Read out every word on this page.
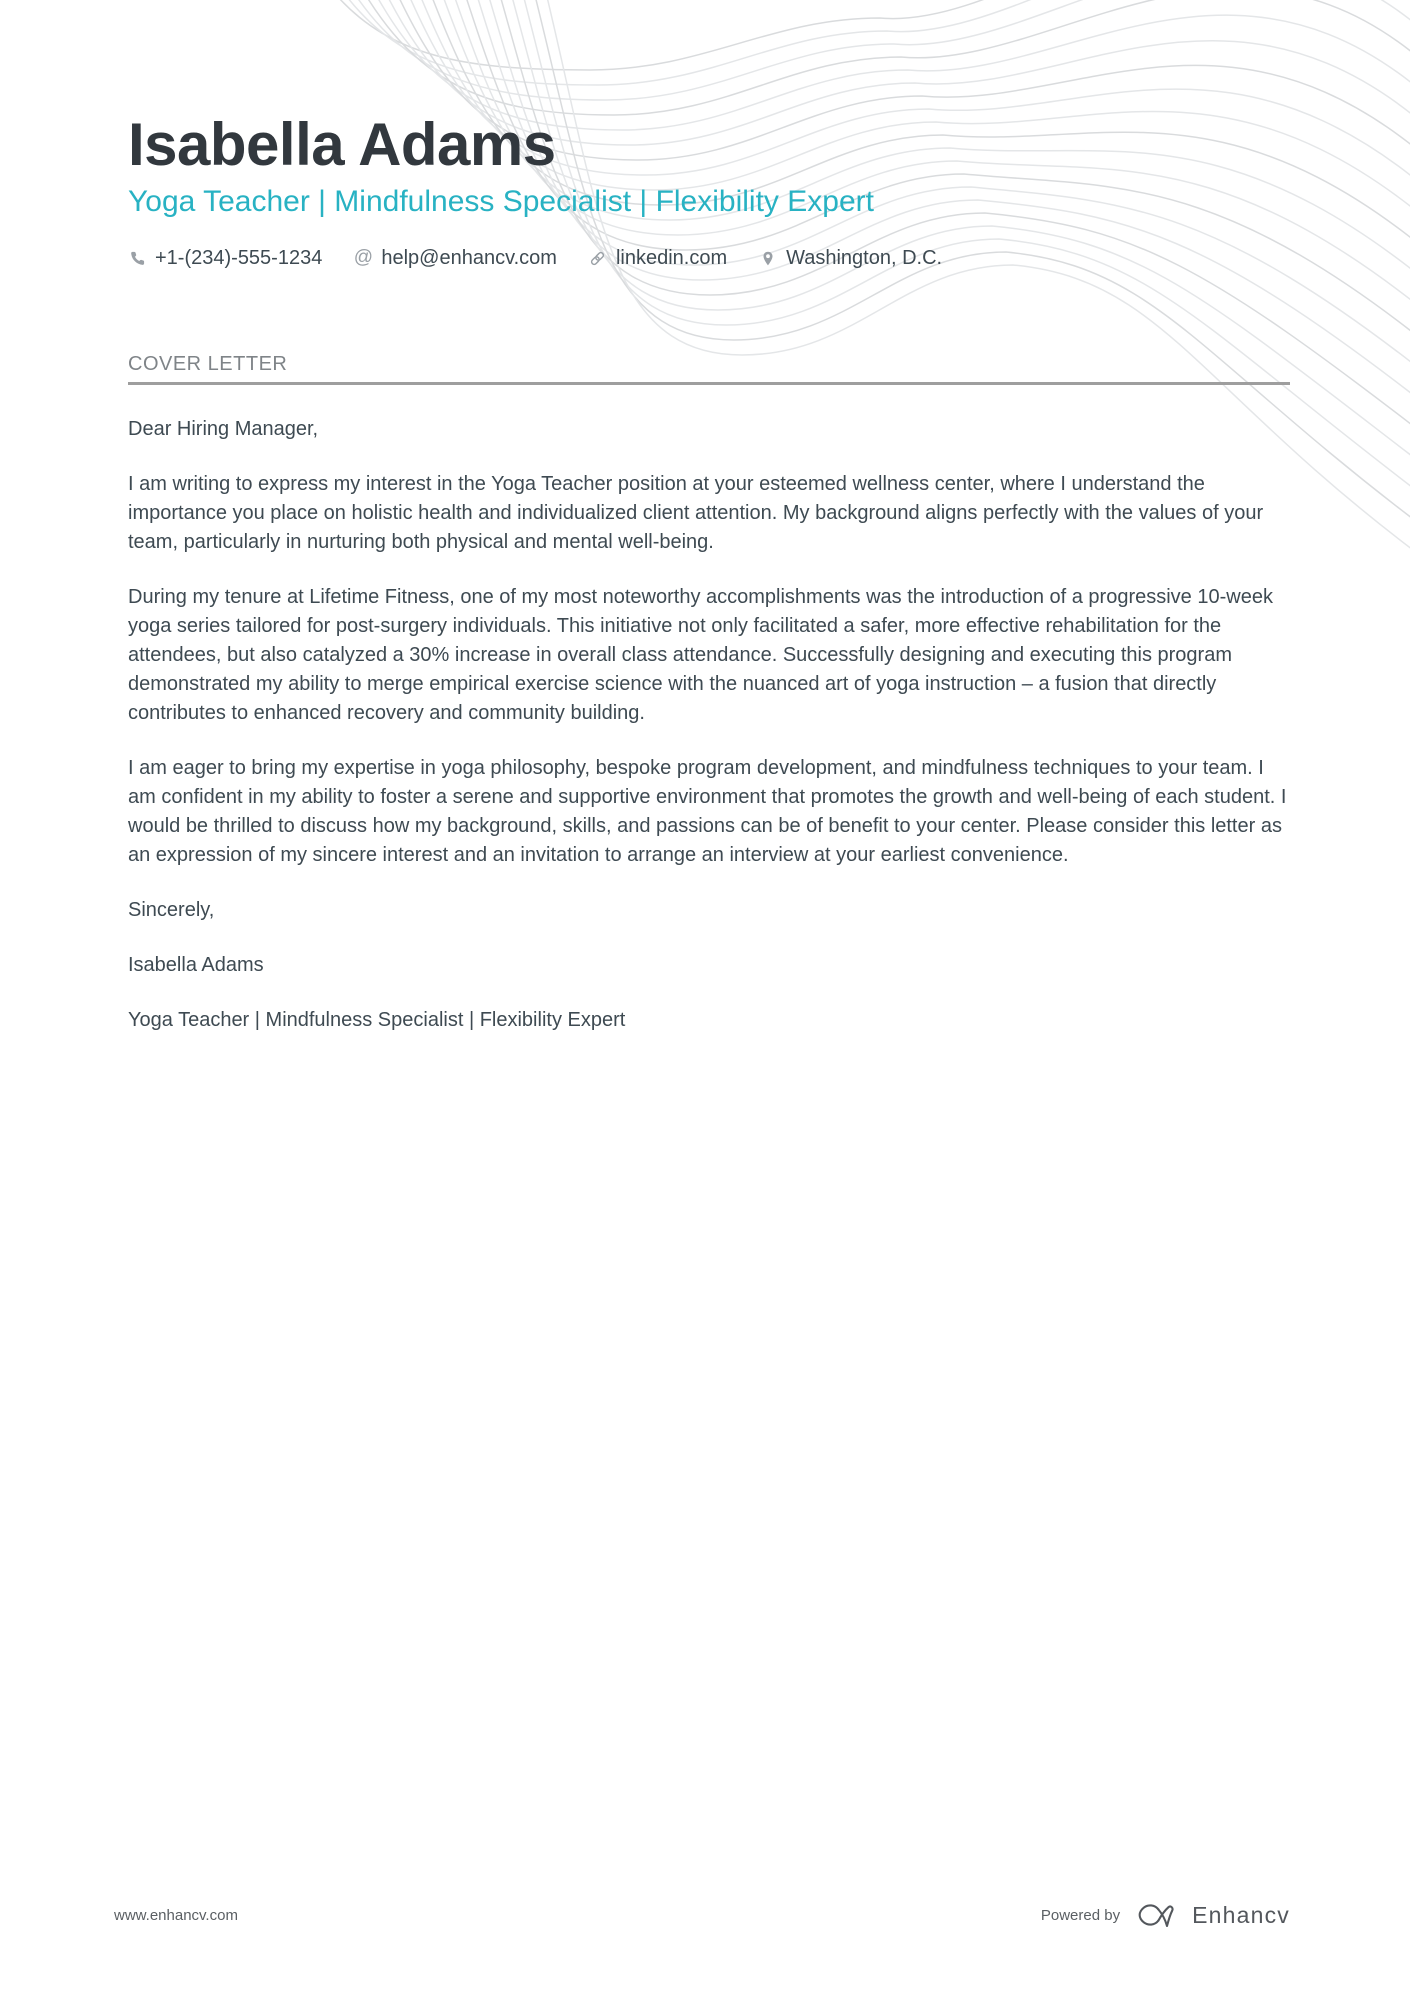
Isabella Adams
Yoga Teacher | Mindfulness Specialist | Flexibility Expert
+1-(234)-555-1234 @ help@enhancv.com	linkedin.com	Washington, D.C.
COVER LETTER

Dear Hiring Manager,

I am writing to express my interest in the Yoga Teacher position at your esteemed wellness center, where I understand the importance you place on holistic health and individualized client attention. My background aligns perfectly with the values of your team, particularly in nurturing both physical and mental well-being.

During my tenure at Lifetime Fitness, one of my most noteworthy accomplishments was the introduction of a progressive 10-week yoga series tailored for post-surgery individuals. This initiative not only facilitated a safer, more effective rehabilitation for the attendees, but also catalyzed a 30% increase in overall class attendance. Successfully designing and executing this program demonstrated my ability to merge empirical exercise science with the nuanced art of yoga instruction – a fusion that directly contributes to enhanced recovery and community building.

I am eager to bring my expertise in yoga philosophy, bespoke program development, and mindfulness techniques to your team. I am confident in my ability to foster a serene and supportive environment that promotes the growth and well-being of each student. I would be thrilled to discuss how my background, skills, and passions can be of benefit to your center. Please consider this letter as an expression of my sincere interest and an invitation to arrange an interview at your earliest convenience.

Sincerely,

Isabella Adams

Yoga Teacher | Mindfulness Specialist | Flexibility Expert

www.enhancv.com	Powered by	Enhancv
